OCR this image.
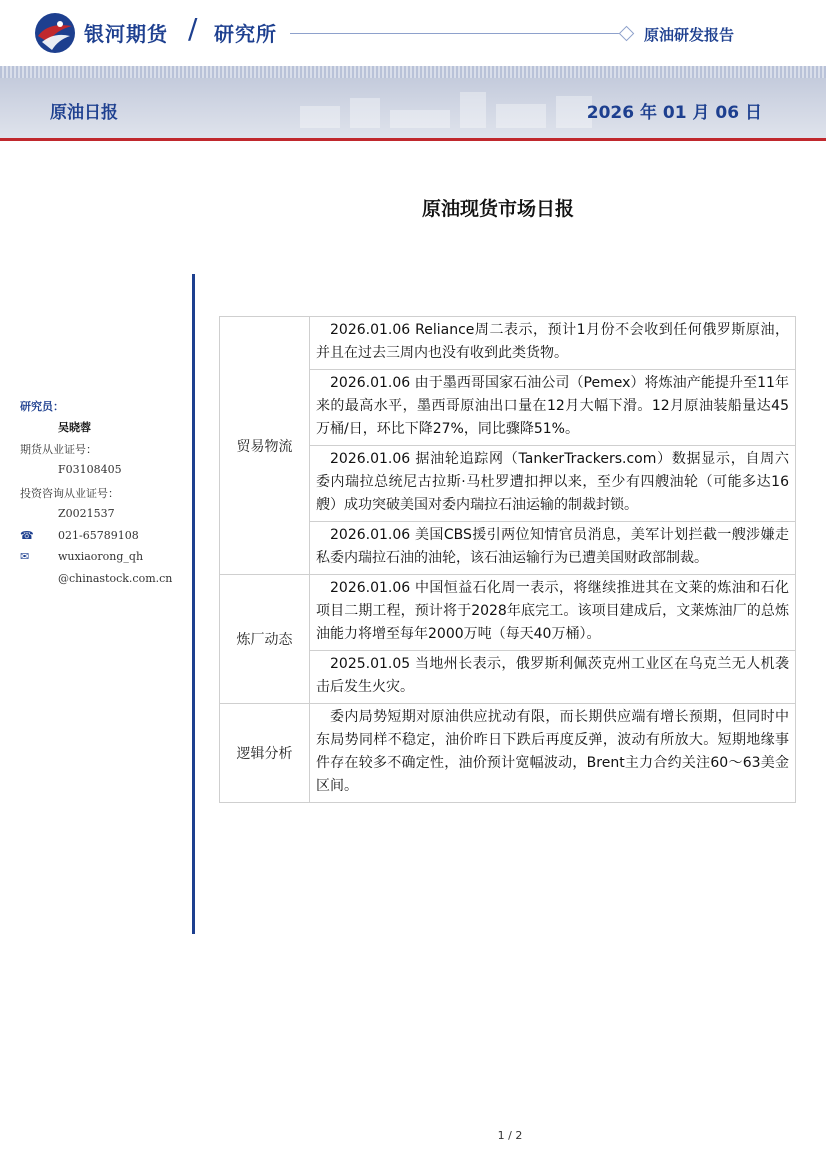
银河期货 / 研究所	原油研发报告
原油日报	2026 年 01 月 06 日
原油现货市场日报
研究员：
吴晓蓉
期货从业证号：
F03108405
投资咨询从业证号：
Z0021537
☎ 021-65789108
✉	wuxiaorong_qh
@chinastock.com.cn
贸易物流	2026.01.06 Reliance周二表示，预计1月份不会收到任何俄罗斯原油，并且在过去三周内也没有收到此类货物。
	2026.01.06 由于墨西哥国家石油公司（Pemex）将炼油产能提升至11年来的最高水平，墨西哥原油出口量在12月大幅下滑。12月原油装船量达45万桶/日，环比下降27%，同比骤降51%。
	2026.01.06 据油轮追踪网（TankerTrackers.com）数据显示，自周六委内瑞拉总统尼古拉斯·马杜罗遭扣押以来，至少有四艘油轮（可能多达16艘）成功突破美国对委内瑞拉石油运输的制裁封锁。
	2026.01.06 美国CBS援引两位知情官员消息，美军计划拦截一艘涉嫌走私委内瑞拉石油的油轮，该石油运输行为已遭美国财政部制裁。
炼厂动态	2026.01.06 中国恒益石化周一表示，将继续推进其在文莱的炼油和石化项目二期工程，预计将于2028年底完工。该项目建成后，文莱炼油厂的总炼油能力将增至每年2000万吨（每天40万桶）。
	2025.01.05 当地州长表示，俄罗斯利佩茨克州工业区在乌克兰无人机袭击后发生火灾。
逻辑分析	委内局势短期对原油供应扰动有限，而长期供应端有增长预期，但同时中东局势同样不稳定，油价昨日下跌后再度反弹，波动有所放大。短期地缘事件存在较多不确定性，油价预计宽幅波动，Brent主力合约关注60～63美金区间。
1 / 2
